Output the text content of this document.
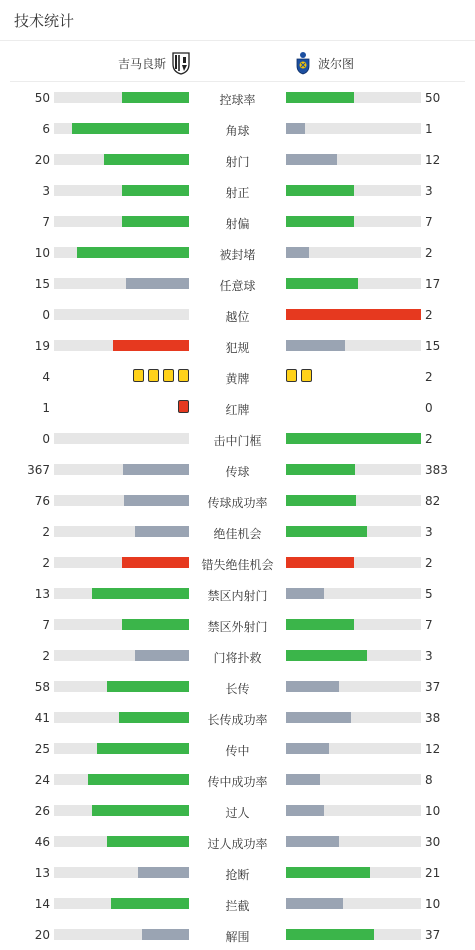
技术统计
吉马良斯	波尔图
50	控球率	50
6	角球	1
20	射门	12
3	射正	3
7	射偏	7
10	被封堵	2
15	任意球	17
0	越位	2
19	犯规	15
4	黄牌	2
1	红牌	0
0	击中门框	2
367	传球	383
76	传球成功率	82
2	绝佳机会	3
2	错失绝佳机会	2
13	禁区内射门	5
7	禁区外射门	7
2	门将扑救	3
58	长传	37
41	长传成功率	38
25	传中	12
24	传中成功率	8
26	过人	10
46	过人成功率	30
13	抢断	21
14	拦截	10
20	解围	37
